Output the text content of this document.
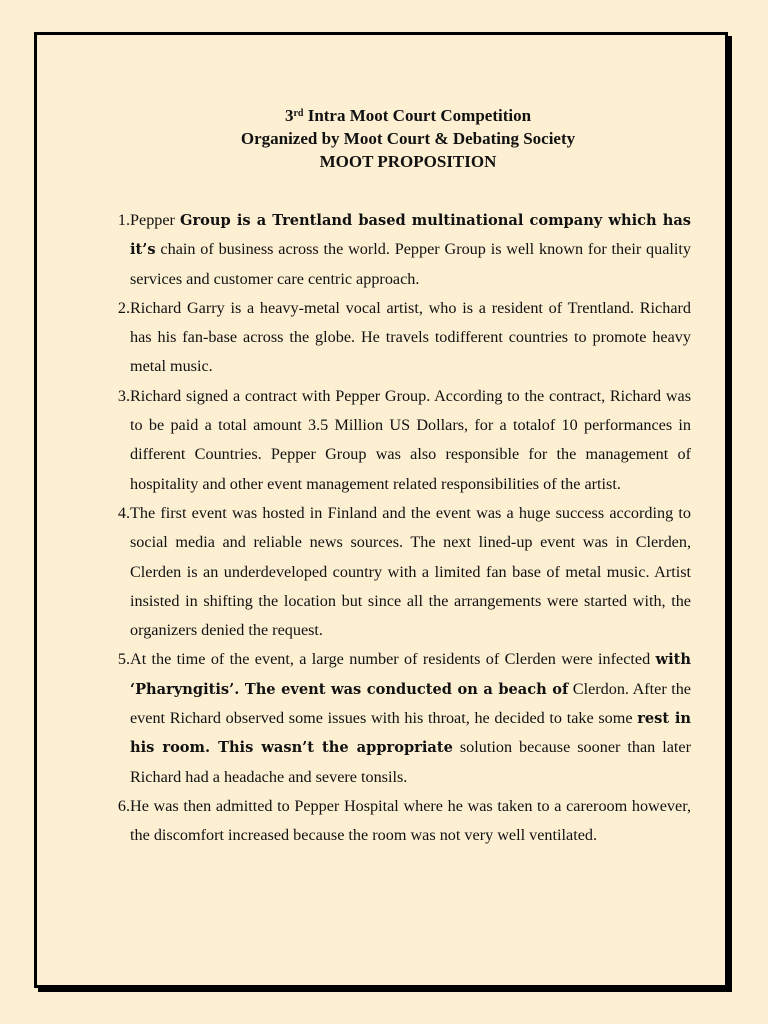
3rd Intra Moot Court Competition
Organized by Moot Court & Debating Society
MOOT PROPOSITION
1. Pepper Group is a Trentland based multinational company which has it’s chain of business across the world. Pepper Group is well known for their quality services and customer care centric approach.
2. Richard Garry is a heavy-metal vocal artist, who is a resident of Trentland. Richard has his fan-base across the globe. He travels todifferent countries to promote heavy metal music.
3. Richard signed a contract with Pepper Group. According to the contract, Richard was to be paid a total amount 3.5 Million US Dollars, for a totalof 10 performances in different Countries. Pepper Group was also responsible for the management of hospitality and other event management related responsibilities of the artist.
4. The first event was hosted in Finland and the event was a huge success according to social media and reliable news sources. The next lined-up event was in Clerden, Clerden is an underdeveloped country with a limited fan base of metal music. Artist insisted in shifting the location but since all the arrangements were started with, the organizers denied the request.
5. At the time of the event, a large number of residents of Clerden were infected with ‘Pharyngitis’. The event was conducted on a beach of Clerdon. After the event Richard observed some issues with his throat, he decided to take some rest in his room. This wasn’t the appropriate solution because sooner than later Richard had a headache and severe tonsils.
6. He was then admitted to Pepper Hospital where he was taken to a careroom however, the discomfort increased because the room was not very well ventilated.
